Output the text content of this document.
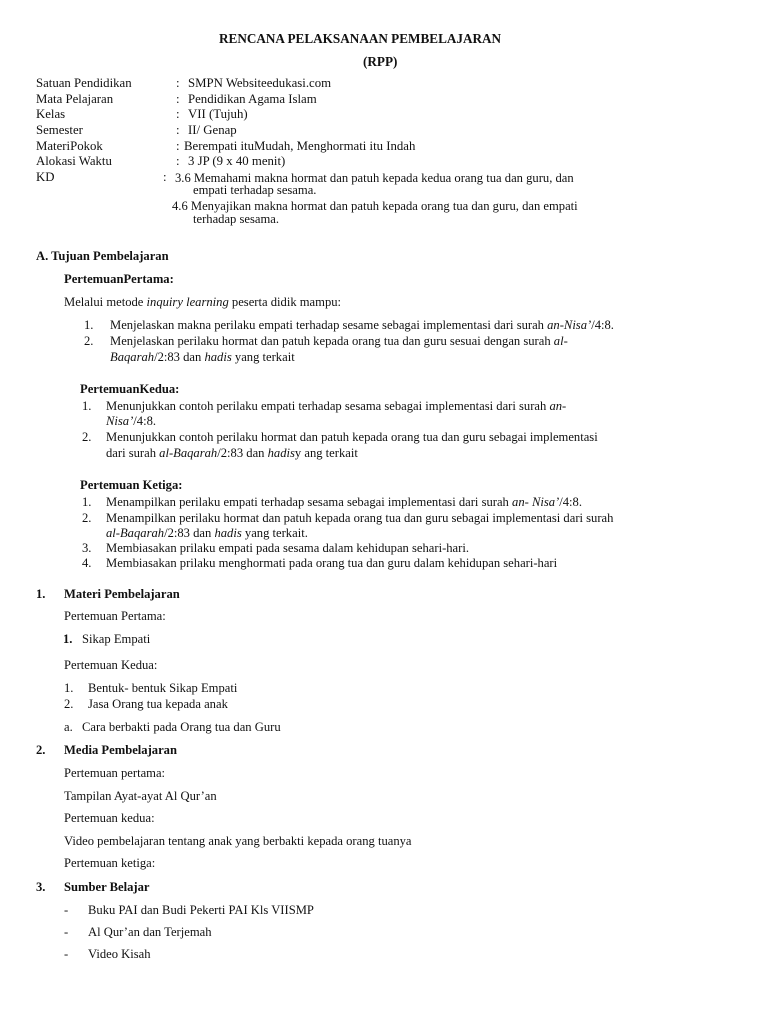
RENCANA PELAKSANAAN PEMBELAJARAN
(RPP)
Satuan Pendidikan	: SMPN Websiteedukasi.com
Mata Pelajaran	: Pendidikan Agama Islam
Kelas	: VII (Tujuh)
Semester	: II/ Genap
MateriPokok	: Berempati ituMudah, Menghormati itu Indah
Alokasi Waktu	: 3 JP (9 x 40 menit)
KD	: 3.6 Memahami makna hormat dan patuh kepada kedua orang tua dan guru, dan
empati terhadap sesama.
4.6 Menyajikan makna hormat dan patuh kepada orang tua dan guru, dan empati
terhadap sesama.
A. Tujuan Pembelajaran
PertemuanPertama:
Melalui metode inquiry learning peserta didik mampu:
1. Menjelaskan makna perilaku empati terhadap sesame sebagai implementasi dari surah an-Nisa’/4:8.
2. Menjelaskan perilaku hormat dan patuh kepada orang tua dan guru sesuai dengan surah al-
Baqarah/2:83 dan hadis yang terkait
PertemuanKedua:
1. Menunjukkan contoh perilaku empati terhadap sesama sebagai implementasi dari surah an-
Nisa’/4:8.
2. Menunjukkan contoh perilaku hormat dan patuh kepada orang tua dan guru sebagai implementasi
dari surah al-Baqarah/2:83 dan hadisy ang terkait
Pertemuan Ketiga:
1. Menampilkan perilaku empati terhadap sesama sebagai implementasi dari surah an- Nisa’/4:8.
2. Menampilkan perilaku hormat dan patuh kepada orang tua dan guru sebagai implementasi dari surah
al-Baqarah/2:83 dan hadis yang terkait.
3. Membiasakan prilaku empati pada sesama dalam kehidupan sehari-hari.
4. Membiasakan prilaku menghormati pada orang tua dan guru dalam kehidupan sehari-hari
1. Materi Pembelajaran
Pertemuan Pertama:
1. Sikap Empati
Pertemuan Kedua:
1. Bentuk- bentuk Sikap Empati
2. Jasa Orang tua kepada anak
a. Cara berbakti pada Orang tua dan Guru
2. Media Pembelajaran
Pertemuan pertama:
Tampilan Ayat-ayat Al Qur’an
Pertemuan kedua:
Video pembelajaran tentang anak yang berbakti kepada orang tuanya
Pertemuan ketiga:
3. Sumber Belajar
- Buku PAI dan Budi Pekerti PAI Kls VIISMP
- Al Qur’an dan Terjemah
- Video Kisah
